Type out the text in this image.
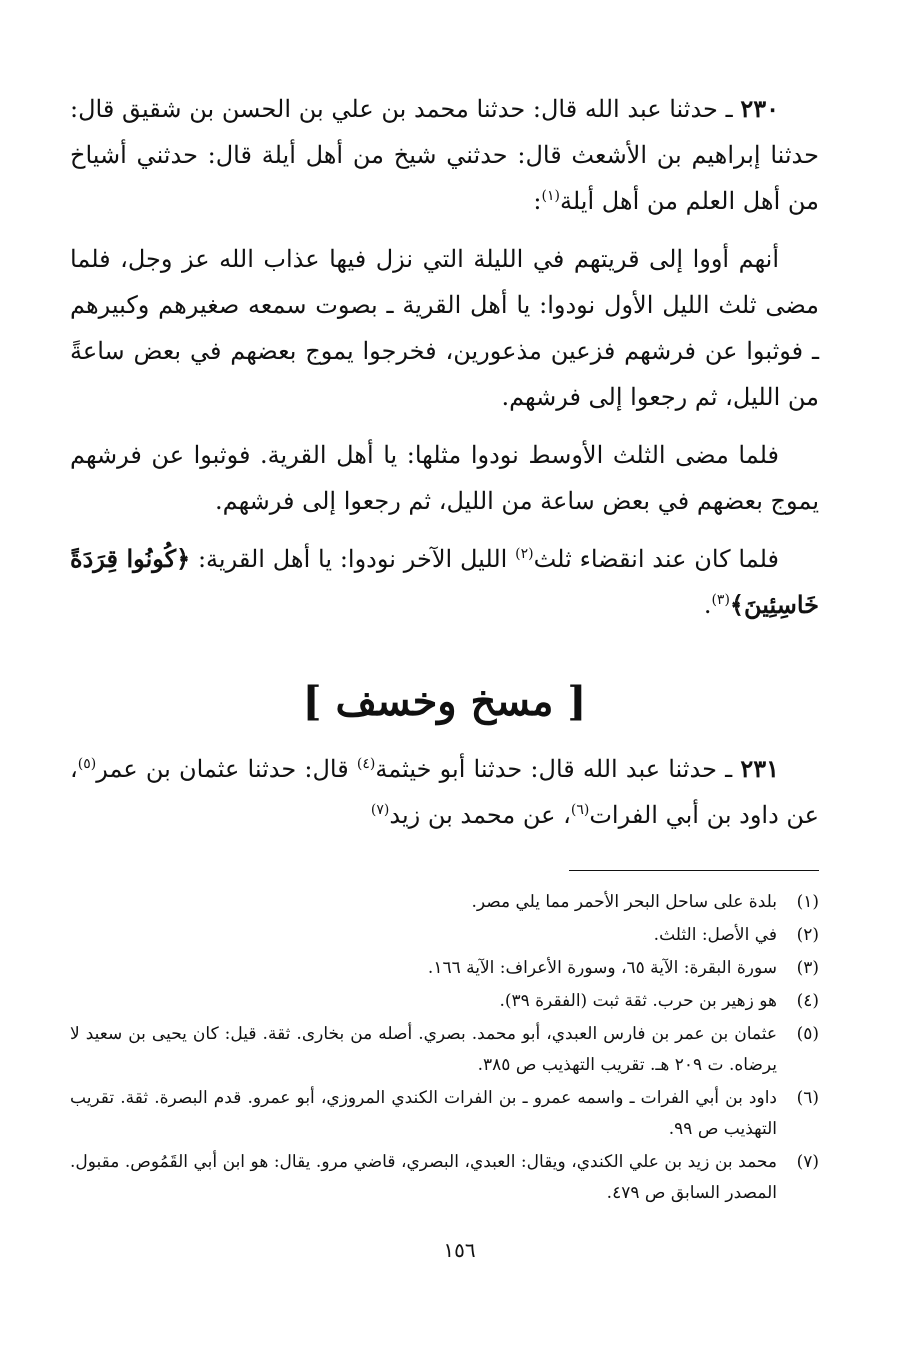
٢٣٠ ـ حدثنا عبد الله قال: حدثنا محمد بن علي بن الحسن بن شقيق قال: حدثنا إبراهيم بن الأشعث قال: حدثني شيخ من أهل أيلة قال: حدثني أشياخ من أهل العلم من أهل أيلة$^{(١)}$:

أنهم أووا إلى قريتهم في الليلة التي نزل فيها عذاب الله عز وجل، فلما مضى ثلث الليل الأول نودوا: يا أهل القرية ـ بصوت سمعه صغيرهم وكبيرهم ـ فوثبوا عن فرشهم فزعين مذعورين، فخرجوا يموج بعضهم في بعض ساعةً من الليل، ثم رجعوا إلى فرشهم.

فلما مضى الثلث الأوسط نودوا مثلها: يا أهل القرية. فوثبوا عن فرشهم يموج بعضهم في بعض ساعة من الليل، ثم رجعوا إلى فرشهم.

فلما كان عند انقضاء ثلث$^{(٢)}$ الليل الآخر نودوا: يا أهل القرية: ﴿كُونُوا قِرَدَةً خَاسِئِينَ﴾$^{(٣)}$.

[ مسخ وخسف ]

٢٣١ ـ حدثنا عبد الله قال: حدثنا أبو خيثمة$^{(٤)}$ قال: حدثنا عثمان بن عمر$^{(٥)}$، عن داود بن أبي الفرات$^{(٦)}$، عن محمد بن زيد$^{(٧)}$

(١)
بلدة على ساحل البحر الأحمر مما يلي مصر.
(٢)
في الأصل: الثلث.
(٣)
سورة البقرة: الآية ٦٥، وسورة الأعراف: الآية ١٦٦.
(٤)
هو زهير بن حرب. ثقة ثبت (الفقرة ٣٩).
(٥)
عثمان بن عمر بن فارس العبدي، أبو محمد. بصري. أصله من بخارى. ثقة. قيل: كان يحيى بن سعيد لا يرضاه. ت ٢٠٩ هـ. تقريب التهذيب ص ٣٨٥.
(٦)
داود بن أبي الفرات ـ واسمه عمرو ـ بن الفرات الكندي المروزي، أبو عمرو. قدم البصرة. ثقة. تقريب التهذيب ص ٩٩.
(٧)
محمد بن زيد بن علي الكندي، ويقال: العبدي، البصري، قاضي مرو. يقال: هو ابن أبي القَمُوص. مقبول. المصدر السابق ص ٤٧٩.
١٥٦
